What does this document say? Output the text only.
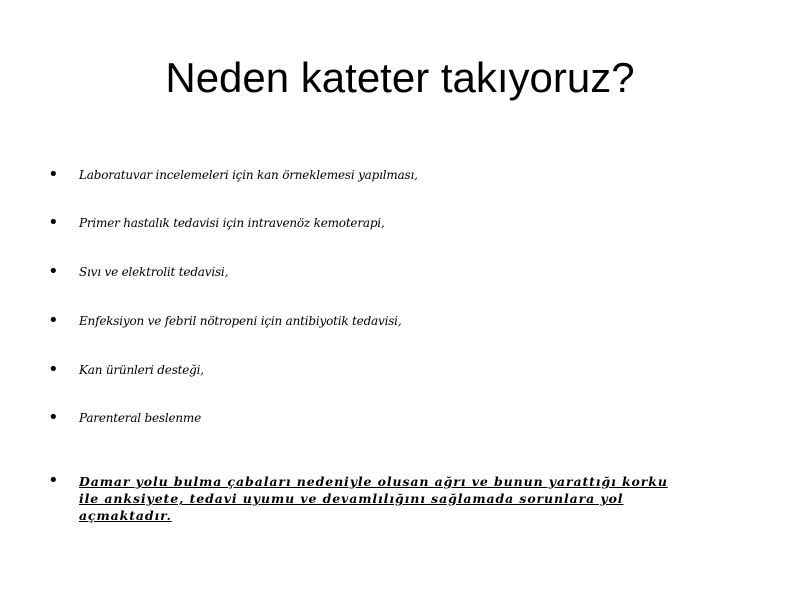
Neden kateter takıyoruz?
• Laboratuvar incelemeleri için kan örneklemesi yapılması,
• Primer hastalık tedavisi için intravenöz kemoterapi,
• Sıvı ve elektrolit tedavisi,
• Enfeksiyon ve febril nötropeni için antibiyotik tedavisi,
• Kan ürünleri desteği,
• Parenteral beslenme
• Damar yolu bulma çabaları nedeniyle olusan ağrı ve bunun yarattığı korku ile anksiyete, tedavi uyumu ve devamlılığını sağlamada sorunlara yol açmaktadır.
